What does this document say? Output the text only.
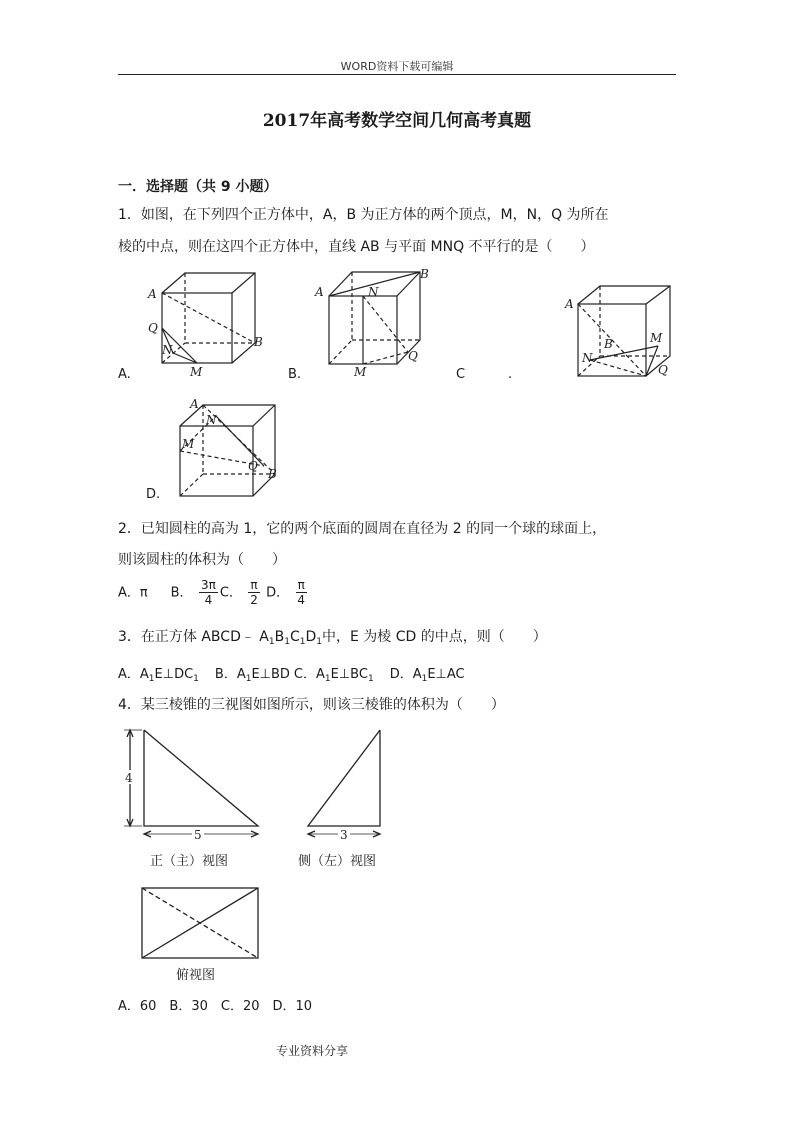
WORD资料下载可编辑
2017年高考数学空间几何高考真题
一．选择题（共 9 小题）
1．如图，在下列四个正方体中，A，B 为正方体的两个顶点，M，N，Q 为所在
棱的中点，则在这四个正方体中，直线 AB 与平面 MNQ 不平行的是（　　）
A
Q
N
B
M
A.
A	N
B
Q
M
B.
A
M
B
N
Q
C	.
A
N
M
Q
B
D.
2．已知圆柱的高为 1，它的两个底面的圆周在直径为 2 的同一个球的球面上，
则该圆柱的体积为（　　）
A．π B． $\frac{3\pi}{4}$ C． $\frac{\pi}{2}$ D． $\frac{\pi}{4}$
3．在正方体 ABCD﹣ $A_1B_1C_1D_1$中，E 为棱 CD 的中点，则（　　）
A．$A_1E\perp DC_1$ B．$A_1E\perp BD$ C．$A_1E\perp BC_1$ D．$A_1E\perp AC$
4．某三棱锥的三视图如图所示，则该三棱锥的体积为（　　）
4
5
正（主）视图
3
侧（左）视图
俯视图
A．60　B．30　C．20　D．10
专业资料分享
